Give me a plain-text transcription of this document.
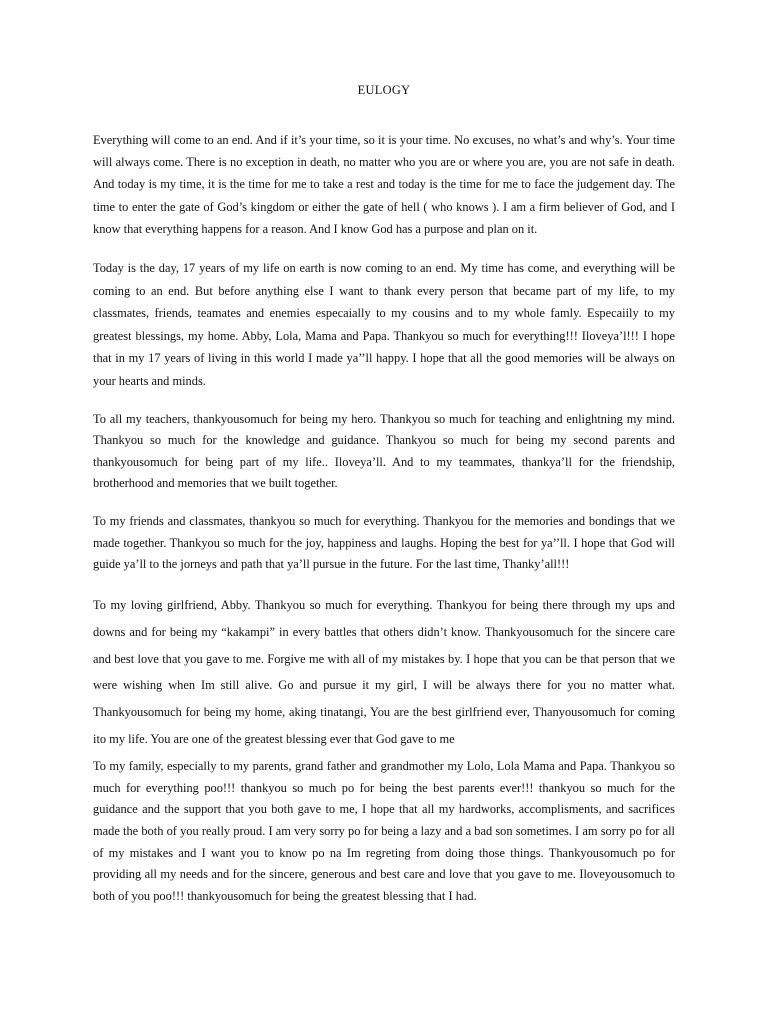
EULOGY

Everything will come to an end. And if it’s your time, so it is your time. No excuses, no what’s and why’s. Your time will always come. There is no exception in death, no matter who you are or where you are, you are not safe in death. And today is my time, it is the time for me to take a rest and today is the time for me to face the judgement day. The time to enter the gate of God’s kingdom or either the gate of hell ( who knows ). I am a firm believer of God, and I know that everything happens for a reason. And I know God has a purpose and plan on it.

Today is the day, 17 years of my life on earth is now coming to an end. My time has come, and everything will be coming to an end. But before anything else I want to thank every person that became part of my life, to my classmates, friends, teamates and enemies especaially to my cousins and to my whole famly. Especaiily to my greatest blessings, my home. Abby, Lola, Mama and Papa. Thankyou so much for everything!!! Iloveya’l!!! I hope that in my 17 years of living in this world I made ya’’ll happy. I hope that all the good memories will be always on your hearts and minds.

To all my teachers, thankyousomuch for being my hero. Thankyou so much for teaching and enlightning my mind. Thankyou so much for the knowledge and guidance. Thankyou so much for being my second parents and thankyousomuch for being part of my life.. Iloveya’ll. And to my teammates, thankya’ll for the friendship, brotherhood and memories that we built together.

To my friends and classmates, thankyou so much for everything. Thankyou for the memories and bondings that we made together. Thankyou so much for the joy, happiness and laughs. Hoping the best for ya’’ll. I hope that God will guide ya’ll to the jorneys and path that ya’ll pursue in the future. For the last time, Thanky’all!!!

To my loving girlfriend, Abby. Thankyou so much for everything. Thankyou for being there through my ups and downs and for being my “kakampi” in every battles that others didn’t know. Thankyousomuch for the sincere care and best love that you gave to me. Forgive me with all of my mistakes by. I hope that you can be that person that we were wishing when Im still alive. Go and pursue it my girl, I will be always there for you no matter what. Thankyousomuch for being my home, aking tinatangi, You are the best girlfriend ever, Thanyousomuch for coming ito my life. You are one of the greatest blessing ever that God gave to me

To my family, especially to my parents, grand father and grandmother my Lolo, Lola Mama and Papa. Thankyou so much for everything poo!!! thankyou so much po for being the best parents ever!!! thankyou so much for the guidance and the support that you both gave to me, I hope that all my hardworks, accomplisments, and sacrifices made the both of you really proud. I am very sorry po for being a lazy and a bad son sometimes. I am sorry po for all of my mistakes and I want you to know po na Im regreting from doing those things. Thankyousomuch po for providing all my needs and for the sincere, generous and best care and love that you gave to me. Iloveyousomuch to both of you poo!!! thankyousomuch for being the greatest blessing that I had.
